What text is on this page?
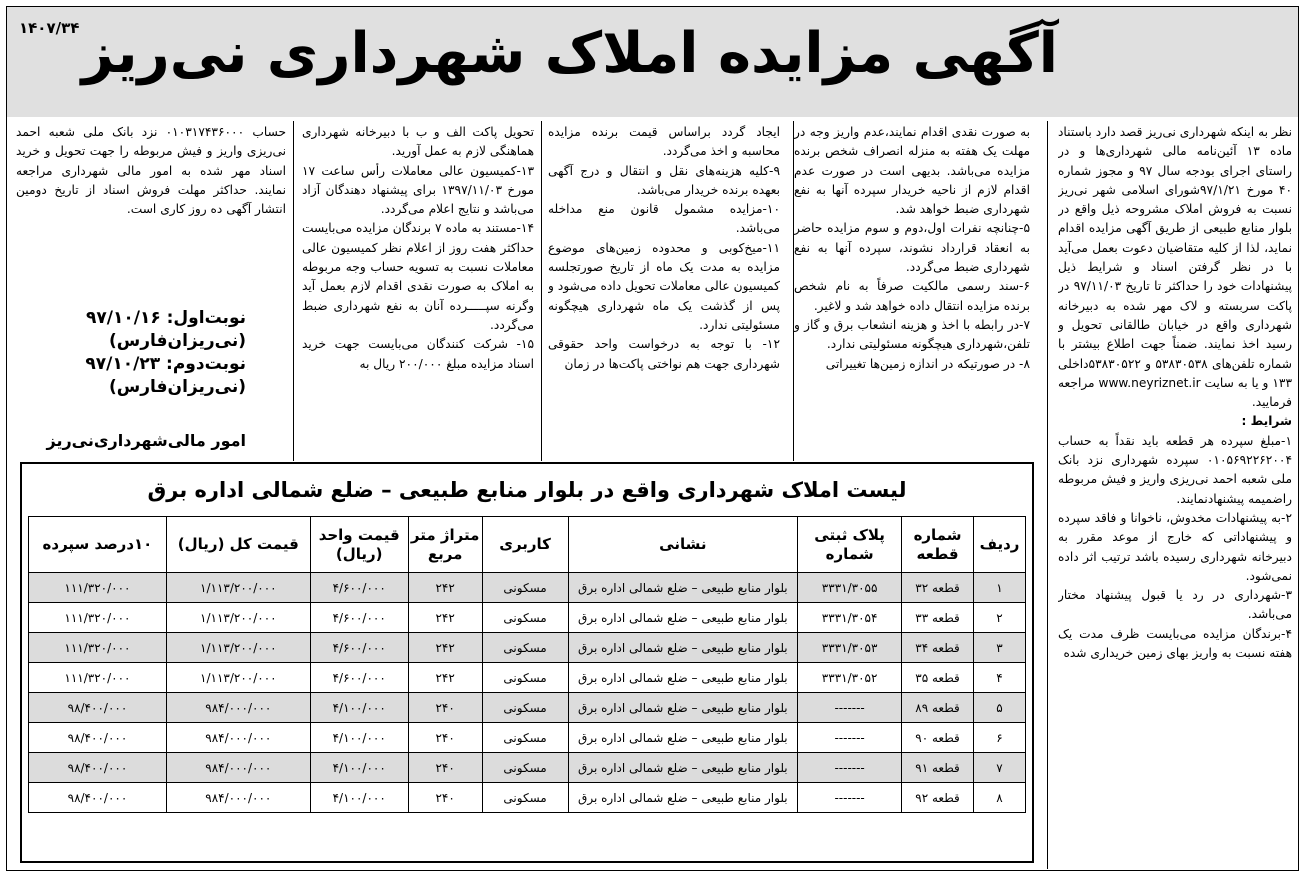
۱۴۰۷/۳۴ آگهی مزایده املاک شهرداری نی‌ریز

نظر به اینکه شهرداری نی‌ریز قصد دارد باستناد ماده ۱۳ آئین‌نامه مالی شهرداری‌ها و در راستای اجرای بودجه سال ۹۷ و مجوز شماره ۴۰ مورخ ۹۷/۱/۲۱شورای اسلامی شهر نی‌ریز نسبت به فروش املاک مشروحه ذیل واقع در بلوار منابع طبیعی از طریق آگهی مزایده اقدام نماید، لذا از کلیه متقاضیان دعوت بعمل می‌آید با در نظر گرفتن اسناد و شرایط ذیل پیشنهادات خود را حداکثر تا تاریخ ۹۷/۱۱/۰۳ در پاکت سربسته و لاک مهر شده به دبیرخانه شهرداری واقع در خیابان طالقانی تحویل و رسید اخذ نمایند. ضمناً جهت اطلاع بیشتر با شماره تلفن‌های ۵۳۸۳۰۵۳۸ و ۵۳۸۳۰۵۲۲داخلی ۱۳۳ و یا به سایت www.neyriznet.ir مراجعه فرمایید.

شرایط :

۱-مبلغ سپرده هر قطعه باید نقداً به حساب ۰۱۰۵۶۹۲۲۶۲۰۰۴ سپرده شهرداری نزد بانک ملی شعبه احمد نی‌ریزی واریز و فیش مربوطه راضمیمه پیشنهادنمایند.

۲-به پیشنهادات مخدوش، ناخوانا و فاقد سپرده و پیشنهاداتی که خارج از موعد مقرر به دبیرخانه شهرداری رسیده باشد ترتیب اثر داده نمی‌شود.

۳-شهرداری در رد یا قبول پیشنهاد مختار می‌باشد.

۴-برندگان مزایده می‌بایست ظرف مدت یک هفته نسبت به واریز بهای زمین خریداری شده

به صورت نقدی اقدام نمایند،عدم واریز وجه در مهلت یک هفته به منزله انصراف شخص برنده مزایده می‌باشد. بدیهی است در صورت عدم اقدام لازم از ناحیه خریدار سپرده آنها به نفع شهرداری ضبط خواهد شد.

۵-چنانچه نفرات اول،دوم و سوم مزایده حاضر به انعقاد قرارداد نشوند، سپرده آنها به نفع شهرداری ضبط می‌گردد.

۶-سند رسمی مالکیت صرفاً به نام شخص برنده مزایده انتقال داده خواهد شد و لاغیر.

۷-در رابطه با اخذ و هزینه انشعاب برق و گاز و تلفن،شهرداری هیچگونه مسئولیتی ندارد.

۸- در صورتیکه در اندازه زمین‌ها تغییراتی

ایجاد گردد براساس قیمت برنده مزایده محاسبه و اخذ می‌گردد.

۹-کلیه هزینه‌های نقل و انتقال و درج آگهی بعهده برنده خریدار می‌باشد.

۱۰-مزایده مشمول قانون منع مداخله می‌باشد.

۱۱-میخ‌کوبی و محدوده زمین‌های موضوع مزایده به مدت یک ماه از تاریخ صورتجلسه کمیسیون عالی معاملات تحویل داده می‌شود و پس از گذشت یک ماه شهرداری هیچگونه مسئولیتی ندارد.

۱۲- با توجه به درخواست واحد حقوقی شهرداری جهت هم نواختی پاکت‌ها در زمان

تحویل پاکت الف و ب با دبیرخانه شهرداری هماهنگی لازم به عمل آورید.

۱۳-کمیسیون عالی معاملات رأس ساعت ۱۷ مورخ ۱۳۹۷/۱۱/۰۳ برای پیشنهاد دهندگان آزاد می‌باشد و نتایج اعلام می‌گردد.

۱۴-مستند به ماده ۷ برندگان مزایده می‌بایست حداکثر هفت روز از اعلام نظر کمیسیون عالی معاملات نسبت به تسویه حساب وجه مربوطه به املاک به صورت نقدی اقدام لازم بعمل آید وگرنه سپـــــرده آنان به نفع شهرداری ضبط می‌گردد.

۱۵- شرکت کنندگان می‌بایست جهت خرید اسناد مزایده مبلغ ۲۰۰/۰۰۰ ریال به

حساب ۰۱۰۳۱۷۴۳۶۰۰۰ نزد بانک ملی شعبه احمد نی‌ریزی واریز و فیش مربوطه را جهت تحویل و خرید اسناد مهر شده به امور مالی شهرداری مراجعه نمایند. حداکثر مهلت فروش اسناد از تاریخ دومین انتشار آگهی ده روز کاری است.

نوبت‌اول: ۹۷/۱۰/۱۶

(نی‌ریزان‌فارس)

نوبت‌دوم: ۹۷/۱۰/۲۳

(نی‌ریزان‌فارس)

امور مالی‌شهرداری‌نی‌ریز
لیست املاک شهرداری واقع در بلوار منابع طبیعی – ضلع شمالی اداره برق
ردیف	شماره قطعه	پلاک ثبتی شماره	نشانی	کاربری	متراژ متر مربع	قیمت واحد (ریال)	قیمت کل (ریال)	۱۰درصد سپرده
۱	قطعه ۳۲	۳۳۳۱/۳۰۵۵	بلوار منابع طبیعی – ضلع شمالی اداره برق	مسکونی	۲۴۲	۴/۶۰۰/۰۰۰	۱/۱۱۳/۲۰۰/۰۰۰	۱۱۱/۳۲۰/۰۰۰
۲	قطعه ۳۳	۳۳۳۱/۳۰۵۴	بلوار منابع طبیعی – ضلع شمالی اداره برق	مسکونی	۲۴۲	۴/۶۰۰/۰۰۰	۱/۱۱۳/۲۰۰/۰۰۰	۱۱۱/۳۲۰/۰۰۰
۳	قطعه ۳۴	۳۳۳۱/۳۰۵۳	بلوار منابع طبیعی – ضلع شمالی اداره برق	مسکونی	۲۴۲	۴/۶۰۰/۰۰۰	۱/۱۱۳/۲۰۰/۰۰۰	۱۱۱/۳۲۰/۰۰۰
۴	قطعه ۳۵	۳۳۳۱/۳۰۵۲	بلوار منابع طبیعی – ضلع شمالی اداره برق	مسکونی	۲۴۲	۴/۶۰۰/۰۰۰	۱/۱۱۳/۲۰۰/۰۰۰	۱۱۱/۳۲۰/۰۰۰
۵	قطعه ۸۹	-------	بلوار منابع طبیعی – ضلع شمالی اداره برق	مسکونی	۲۴۰	۴/۱۰۰/۰۰۰	۹۸۴/۰۰۰/۰۰۰	۹۸/۴۰۰/۰۰۰
۶	قطعه ۹۰	-------	بلوار منابع طبیعی – ضلع شمالی اداره برق	مسکونی	۲۴۰	۴/۱۰۰/۰۰۰	۹۸۴/۰۰۰/۰۰۰	۹۸/۴۰۰/۰۰۰
۷	قطعه ۹۱	-------	بلوار منابع طبیعی – ضلع شمالی اداره برق	مسکونی	۲۴۰	۴/۱۰۰/۰۰۰	۹۸۴/۰۰۰/۰۰۰	۹۸/۴۰۰/۰۰۰
۸	قطعه ۹۲	-------	بلوار منابع طبیعی – ضلع شمالی اداره برق	مسکونی	۲۴۰	۴/۱۰۰/۰۰۰	۹۸۴/۰۰۰/۰۰۰	۹۸/۴۰۰/۰۰۰
